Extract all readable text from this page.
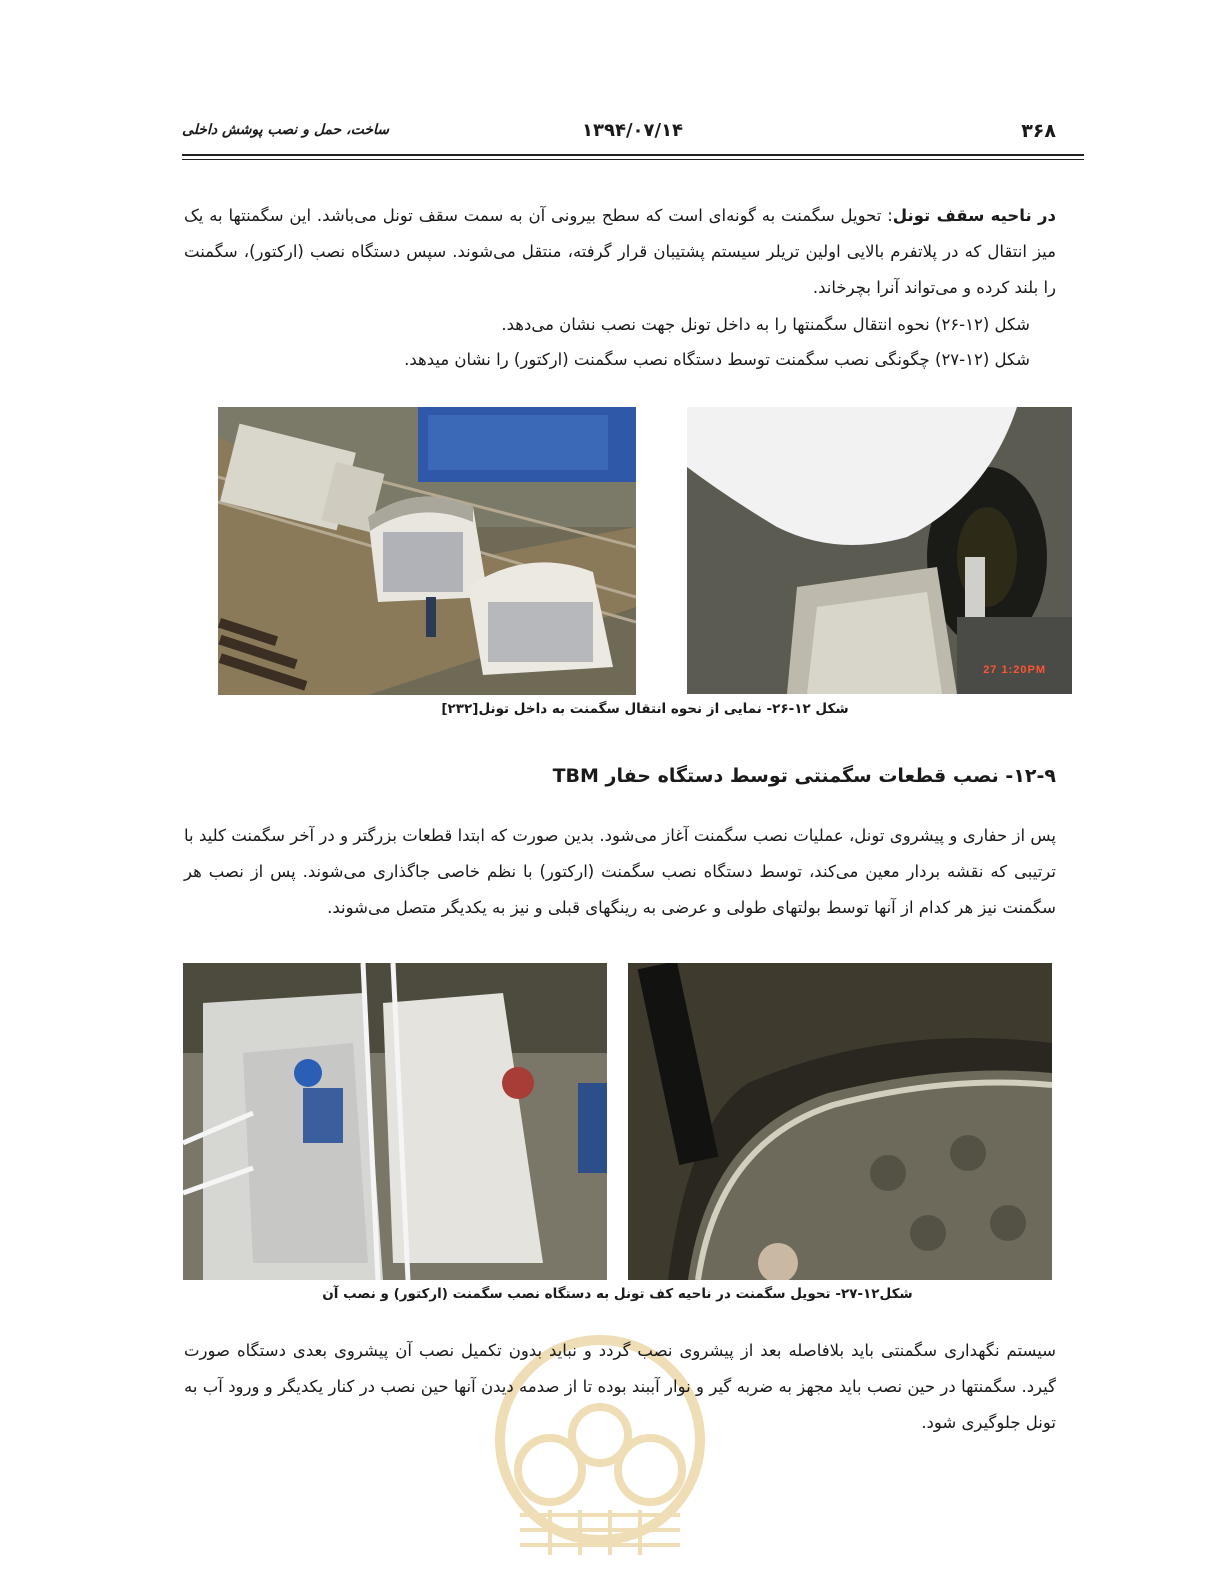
۳۶۸
۱۳۹۴/۰۷/۱۴
ساخت، حمل و نصب پوشش داخلی
در ناحیه سقف تونل: تحویل سگمنت به گونه‌ای است که سطح بیرونی آن به سمت سقف تونل می‌باشد. این سگمنتها به یک میز انتقال که در پلاتفرم بالایی اولین تریلر سیستم پشتیبان قرار گرفته، منتقل می‌شوند. سپس دستگاه نصب (ارکتور)، سگمنت را بلند کرده و می‌تواند آنرا بچرخاند.
شکل (۱۲-۲۶) نحوه انتقال سگمنتها را به داخل تونل جهت نصب نشان می‌دهد.
شکل (۱۲-۲۷) چگونگی نصب سگمنت توسط دستگاه نصب سگمنت (ارکتور) را نشان میدهد.
27 1:20PM
شکل ۱۲-۲۶- نمایی از نحوه انتقال سگمنت به داخل تونل[۲۳۲]
۱۲-۹- نصب قطعات سگمنتی توسط دستگاه حفار TBM
پس از حفاری و پیشروی تونل، عملیات نصب سگمنت آغاز می‌شود. بدین صورت که ابتدا قطعات بزرگتر و در آخر سگمنت کلید با ترتیبی که نقشه بردار معین می‌کند، توسط دستگاه نصب سگمنت (ارکتور) با نظم خاصی جاگذاری می‌شوند. پس از نصب هر سگمنت نیز هر کدام از آنها توسط بولتهای طولی و عرضی به رینگهای قبلی و نیز به یکدیگر متصل می‌شوند.
شکل۱۲-۲۷- تحویل سگمنت در ناحیه کف تونل به دستگاه نصب سگمنت (ارکتور) و نصب آن
سیستم نگهداری سگمنتی باید بلافاصله بعد از پیشروی نصب گردد و نباید بدون تکمیل نصب آن پیشروی بعدی دستگاه صورت گیرد. سگمنتها در حین نصب باید مجهز به ضربه گیر و نوار آببند بوده تا از صدمه دیدن آنها حین نصب در کنار یکدیگر و ورود آب به تونل جلوگیری شود.
